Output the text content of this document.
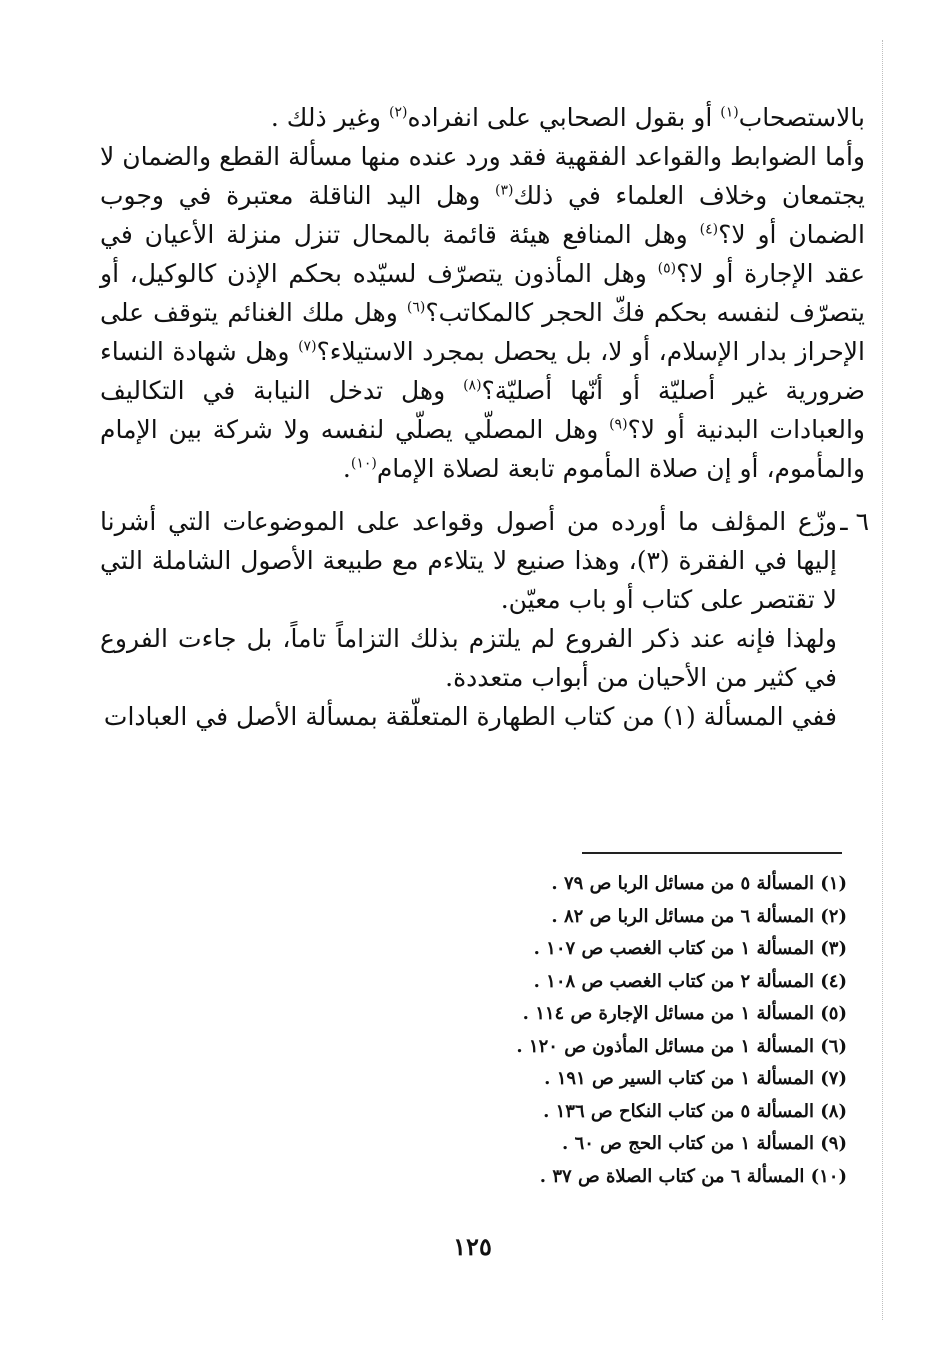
بالاستصحاب$^{(١)}$ أو بقول الصحابي على انفراده$^{(٢)}$ وغير ذلك .

وأما الضوابط والقواعد الفقهية فقد ورد عنده منها مسألة القطع والضمان لا يجتمعان وخلاف العلماء في ذلك$^{(٣)}$ وهل اليد الناقلة معتبرة في وجوب الضمان أو لا؟$^{(٤)}$ وهل المنافع هيئة قائمة بالمحال تنزل منزلة الأعيان في عقد الإجارة أو لا؟$^{(٥)}$ وهل المأذون يتصرّف لسيّده بحكم الإذن كالوكيل، أو يتصرّف لنفسه بحكم فكّ الحجر كالمكاتب؟$^{(٦)}$ وهل ملك الغنائم يتوقف على الإحراز بدار الإسلام، أو لا، بل يحصل بمجرد الاستيلاء؟$^{(٧)}$ وهل شهادة النساء ضرورية غير أصليّة أو أنّها أصليّة؟$^{(٨)}$ وهل تدخل النيابة في التكاليف والعبادات البدنية أو لا؟$^{(٩)}$ وهل المصلّي يصلّي لنفسه ولا شركة بين الإمام والمأموم، أو إن صلاة المأموم تابعة لصلاة الإمام$^{(١٠)}$.

٦ ـ
وزّع المؤلف ما أورده من أصول وقواعد على الموضوعات التي أشرنا إليها في الفقرة (٣)، وهذا صنيع لا يتلاءم مع طبيعة الأصول الشاملة التي لا تقتصر على كتاب أو باب معيّن.

ولهذا فإنه عند ذكر الفروع لم يلتزم بذلك التزاماً تاماً، بل جاءت الفروع في كثير من الأحيان من أبواب متعددة.

ففي المسألة (١) من كتاب الطهارة المتعلّقة بمسألة الأصل في العبادات

(١) المسألة ٥ من مسائل الربا ص ٧٩ .
(٢) المسألة ٦ من مسائل الربا ص ٨٢ .
(٣) المسألة ١ من كتاب الغصب ص ١٠٧ .
(٤) المسألة ٢ من كتاب الغصب ص ١٠٨ .
(٥) المسألة ١ من مسائل الإجارة ص ١١٤ .
(٦) المسألة ١ من مسائل المأذون ص ١٢٠ .
(٧) المسألة ١ من كتاب السير ص ١٩١ .
(٨) المسألة ٥ من كتاب النكاح ص ١٣٦ .
(٩) المسألة ١ من كتاب الحج ص ٦٠ .
(١٠) المسألة ٦ من كتاب الصلاة ص ٣٧ .
١٢٥
